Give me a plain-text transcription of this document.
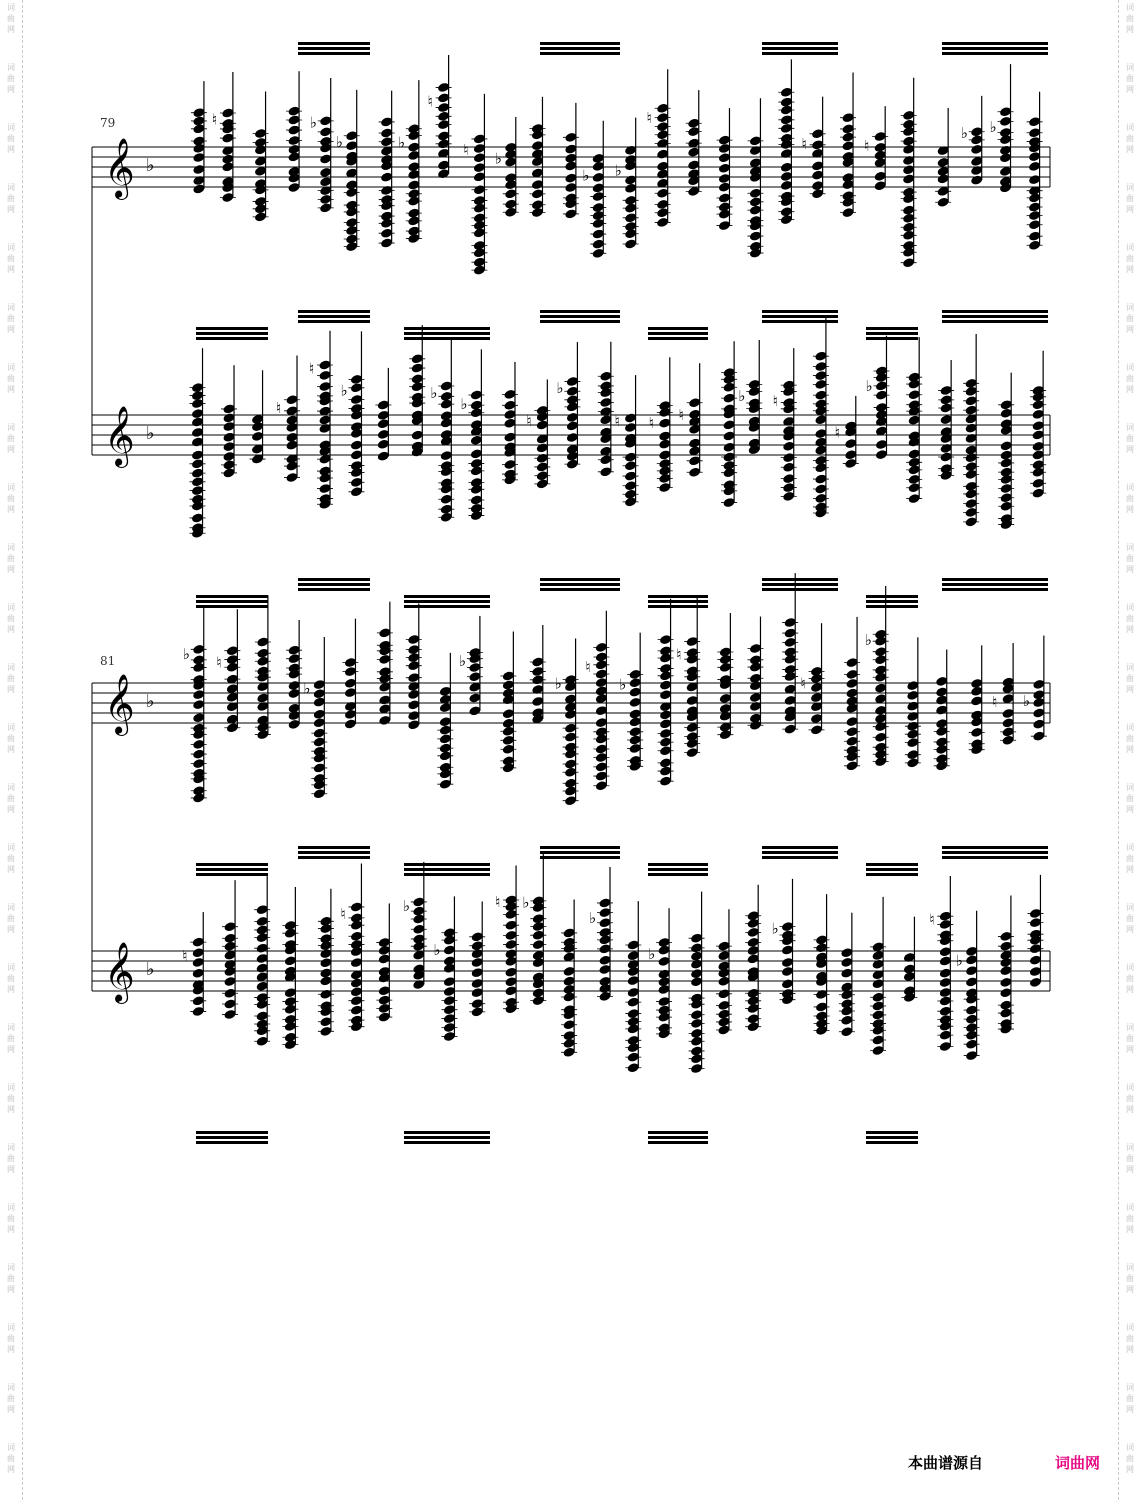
词
曲
网
词
曲
网
词
曲
网
词
曲
网
词
曲
网
词
曲
网
词
曲
网
词
曲
网
词
曲
网
词
曲
网
词
曲
网
词
曲
网
词
曲
网
词
曲
网
词
曲
网
词
曲
网
词
曲
网
词
曲
网
词
曲
网
词
曲
网
词
曲
网
词
曲
网
词
曲
网
词
曲
网
词
曲
网
词
曲
网
词
曲
网
词
曲
网
词
曲
网
词
曲
网
词
曲
网
词
曲
网
词
曲
网
词
曲
网
词
曲
网
词
曲
网
词
曲
网
词
曲
网
词
曲
网
词
曲
网
词
曲
网
词
曲
网
词
曲
网
词
曲
网
词
曲
网
词
曲
网
词
曲
网
词
曲
网
词
曲
网
词
曲
网
𝄞 ♭
𝄞 ♭
𝄞 ♭
𝄞 ♭
♮	♭
♭	♭
♮
♮ ♭
♭ ♭
♮
♮	♮
♭ ♭
♮
♮
♭	♭
♭
♮
♭
♮ ♮ ♮
♭ ♮
♮
♭
♭ ♮
♭
♭
♭
♮
♭
♮
♮
♭
♮ ♭
♮
♮	♭
♭
♮ ♭
♭
♭
♭
♮
♭
79
81
本曲谱源自	词曲网
